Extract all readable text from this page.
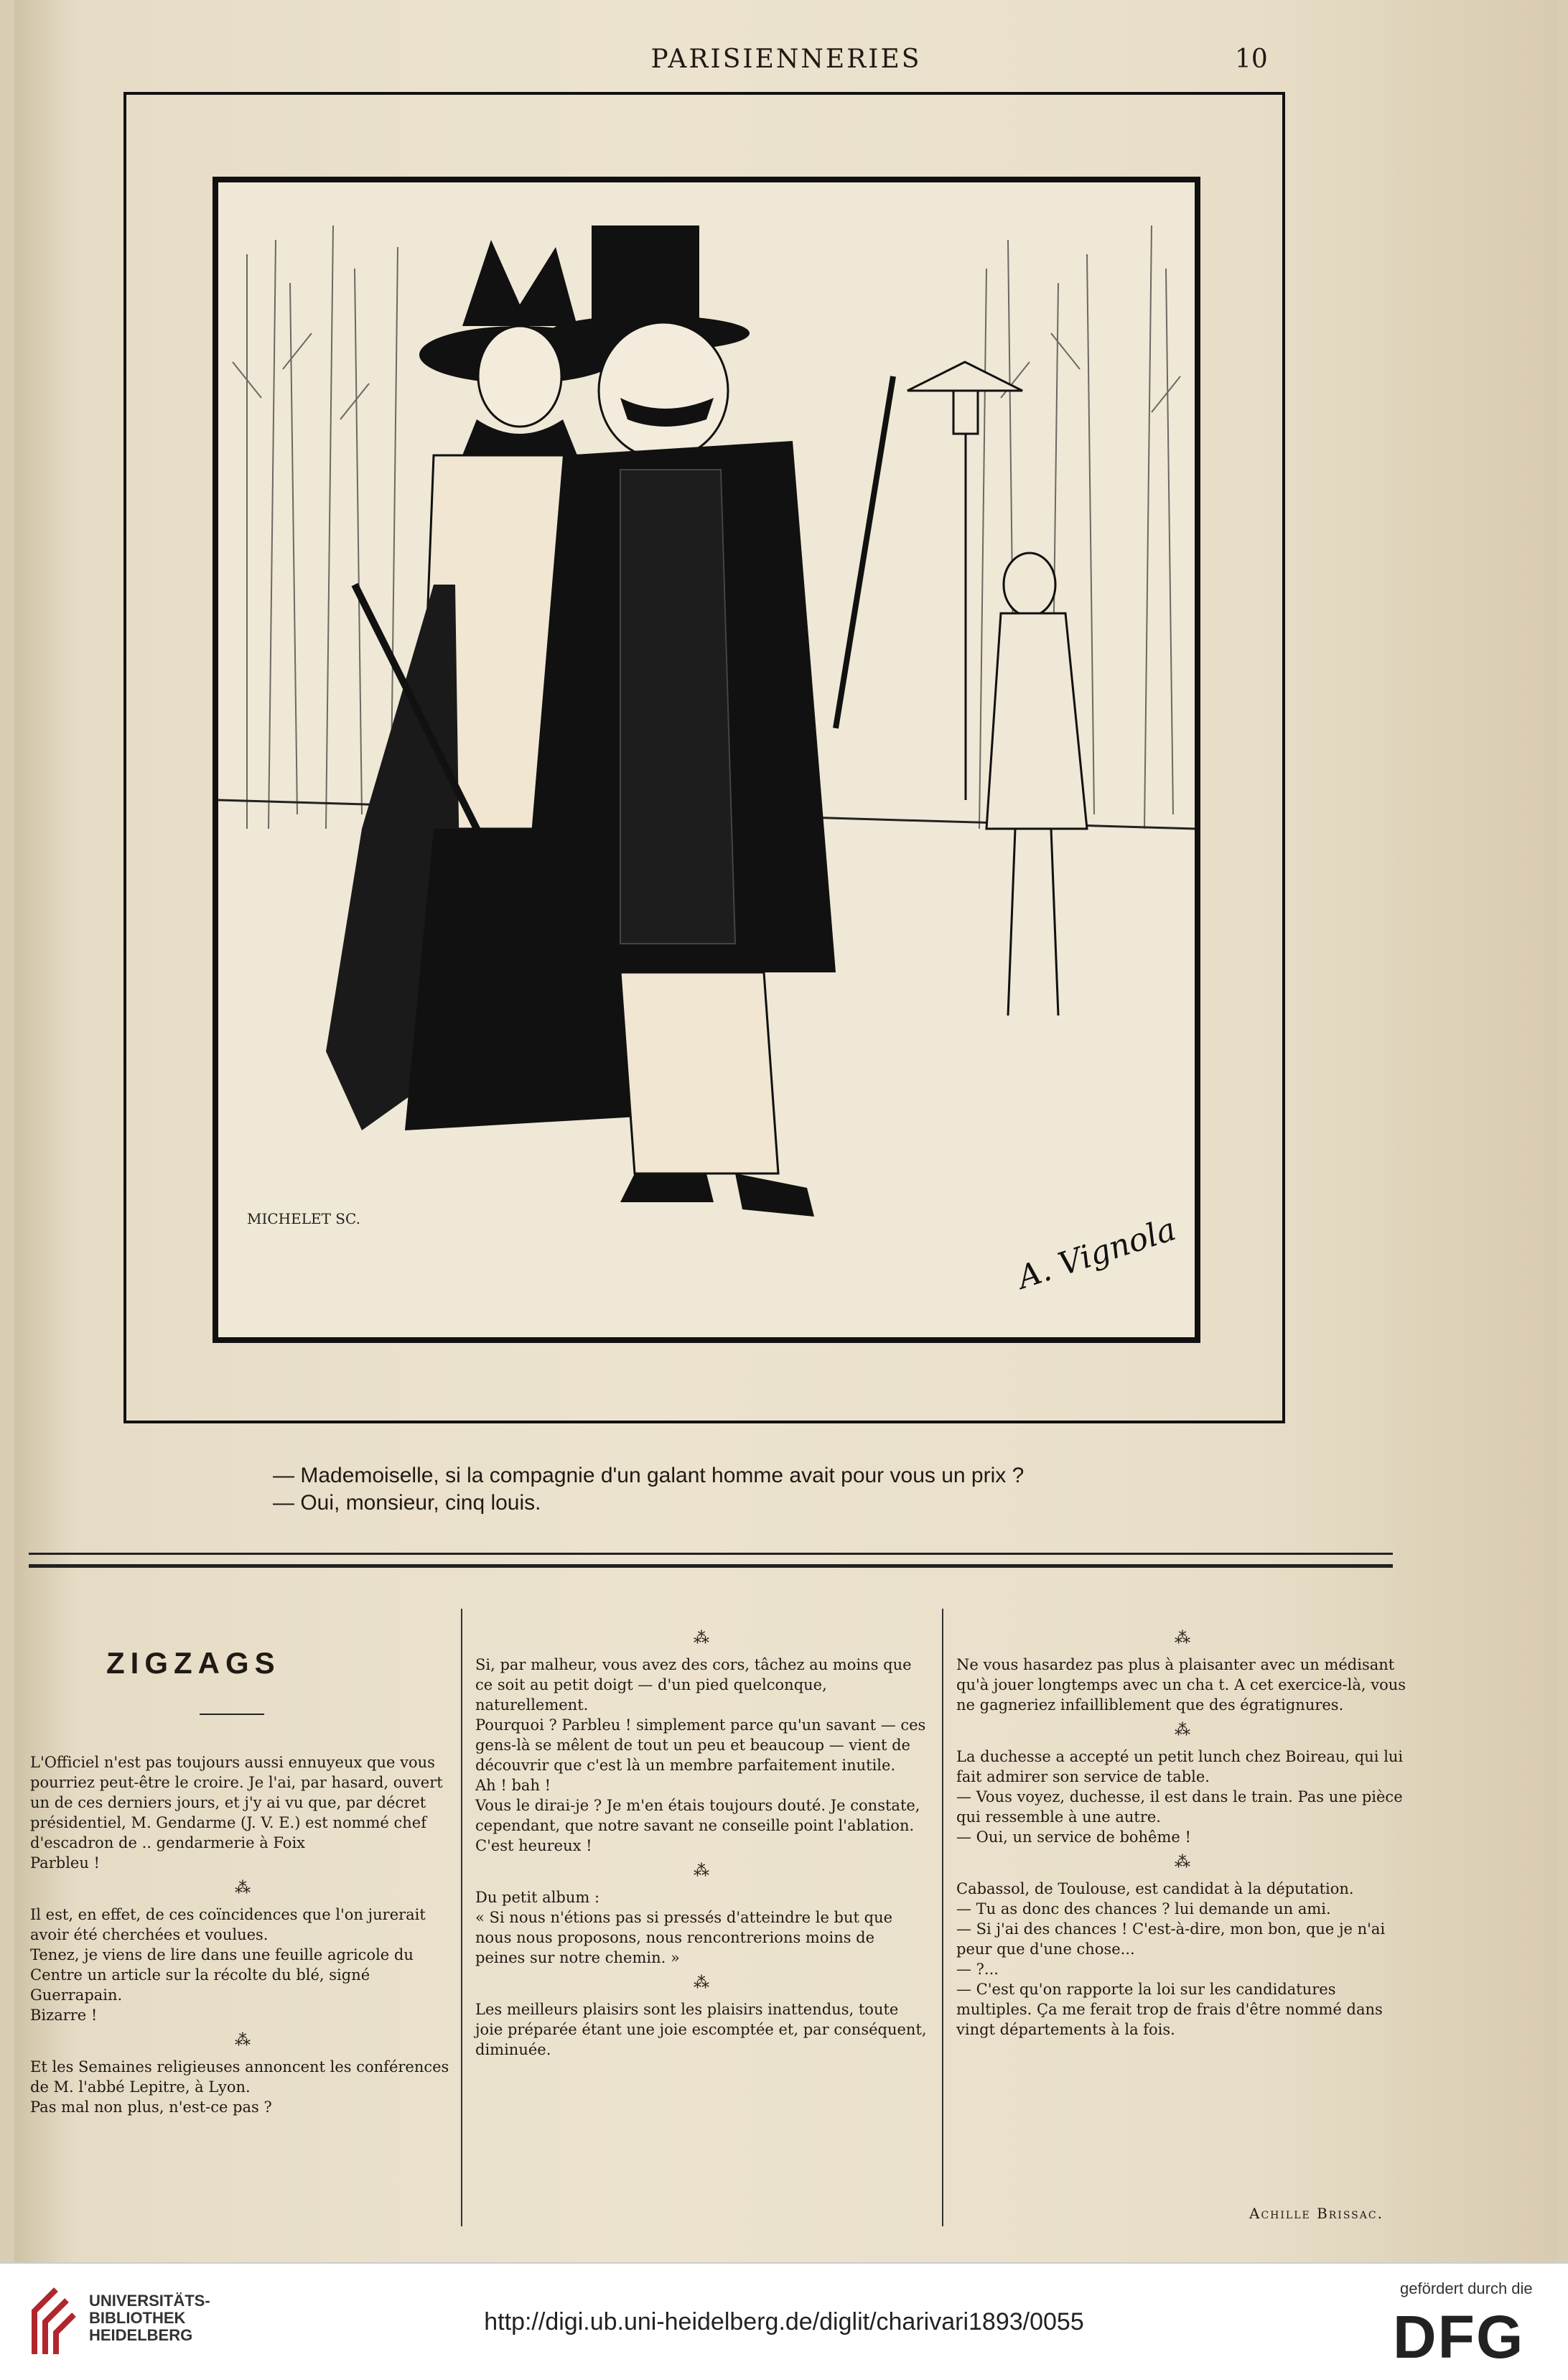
PARISIENNERIES	10
MICHELET SC.	A. Vignola
— Mademoiselle, si la compagnie d'un galant homme avait pour vous un prix ?
— Oui, monsieur, cinq louis.
ZIGZAGS

L'Officiel n'est pas toujours aussi ennuyeux que vous pourriez peut-être le croire. Je l'ai, par hasard, ouvert un de ces derniers jours, et j'y ai vu que, par décret présidentiel, M. Gendarme (J. V. E.) est nommé chef d'escadron de .. gendarmerie à Foix

Parbleu !

⁂

Il est, en effet, de ces coïncidences que l'on jurerait avoir été cherchées et voulues.

Tenez, je viens de lire dans une feuille agricole du Centre un article sur la récolte du blé, signé Guerrapain.

Bizarre !

⁂

Et les Semaines religieuses annoncent les conférences de M. l'abbé Lepitre, à Lyon.

Pas mal non plus, n'est-ce pas ?

⁂

Si, par malheur, vous avez des cors, tâchez au moins que ce soit au petit doigt — d'un pied quelconque, naturellement.

Pourquoi ? Parbleu ! simplement parce qu'un savant — ces gens-là se mêlent de tout un peu et beaucoup — vient de découvrir que c'est là un membre parfaitement inutile.

Ah ! bah !

Vous le dirai-je ? Je m'en étais toujours douté. Je constate, cependant, que notre savant ne conseille point l'ablation.

C'est heureux !

⁂

Du petit album :

« Si nous n'étions pas si pressés d'atteindre le but que nous nous proposons, nous rencontrerions moins de peines sur notre chemin. »

⁂

Les meilleurs plaisirs sont les plaisirs inattendus, toute joie préparée étant une joie escomptée et, par conséquent, diminuée.

⁂

Ne vous hasardez pas plus à plaisanter avec un médisant qu'à jouer longtemps avec un cha t. A cet exercice-là, vous ne gagneriez infailliblement que des égratignures.

⁂

La duchesse a accepté un petit lunch chez Boireau, qui lui fait admirer son service de table.

— Vous voyez, duchesse, il est dans le train. Pas une pièce qui ressemble à une autre.

— Oui, un service de bohême !

⁂

Cabassol, de Toulouse, est candidat à la députation.

— Tu as donc des chances ? lui demande un ami.

— Si j'ai des chances ! C'est-à-dire, mon bon, que je n'ai peur que d'une chose...

— ?...

— C'est qu'on rapporte la loi sur les candidatures multiples. Ça me ferait trop de frais d'être nommé dans vingt départements à la fois.

Achille Brissac.
UNIVERSITÄTS-
BIBLIOTHEK
HEIDELBERG	http://digi.ub.uni-heidelberg.de/diglit/charivari1893/0055
gefördert durch die
DFG
